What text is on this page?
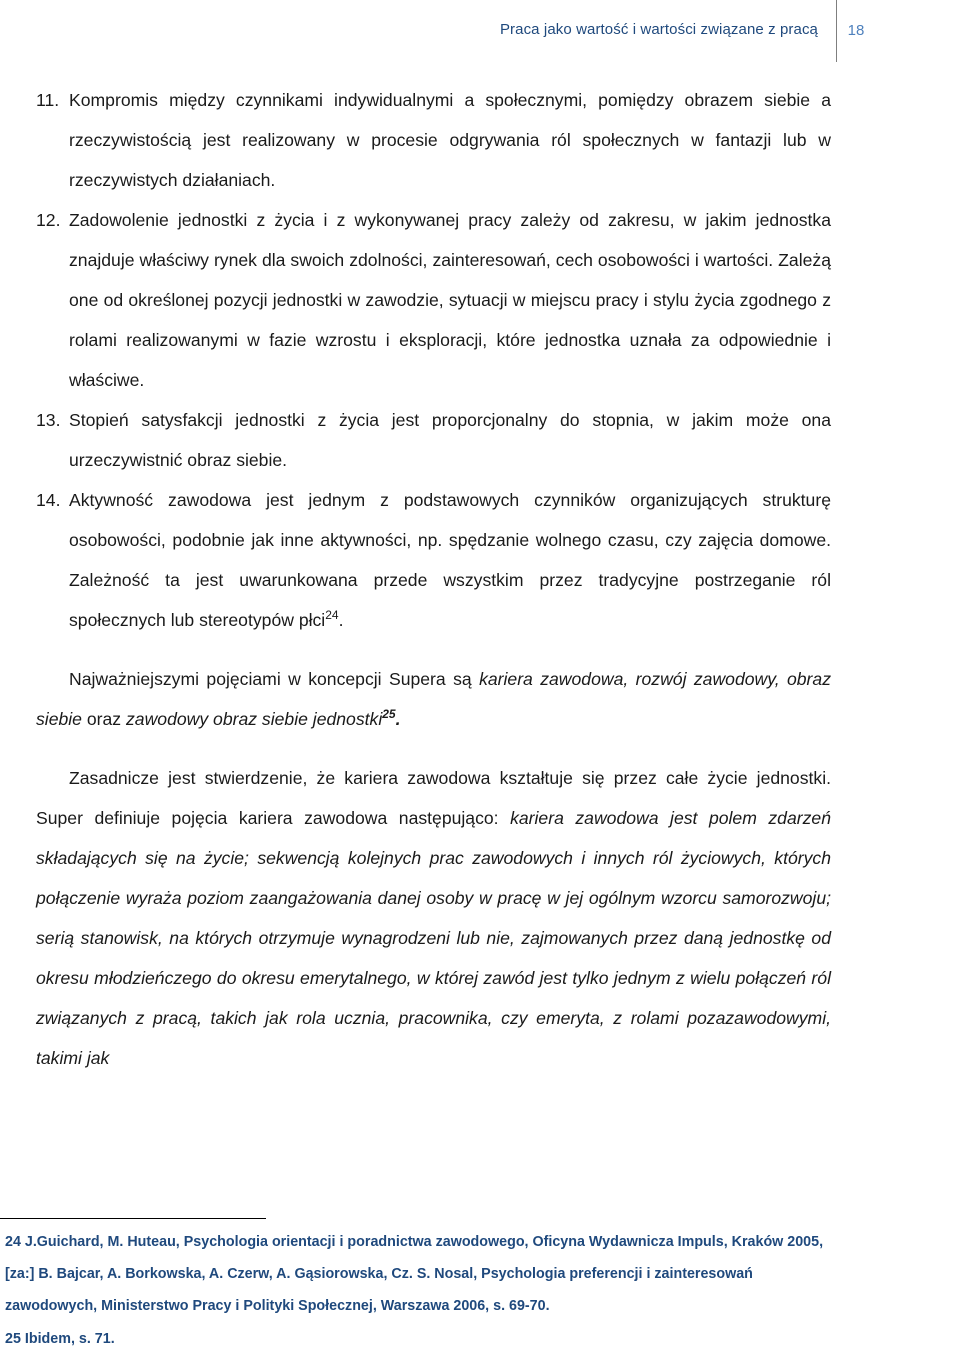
Praca jako wartość i wartości związane z pracą	18
11. Kompromis między czynnikami indywidualnymi a społecznymi, pomiędzy obrazem siebie a rzeczywistością jest realizowany w procesie odgrywania ról społecznych w fantazji lub w rzeczywistych działaniach.
12. Zadowolenie jednostki z życia i z wykonywanej pracy zależy od zakresu, w jakim jednostka znajduje właściwy rynek dla swoich zdolności, zainteresowań, cech osobowości i wartości. Zależą one od określonej pozycji jednostki w zawodzie, sytuacji w miejscu pracy i stylu życia zgodnego z rolami realizowanymi w fazie wzrostu i eksploracji, które jednostka uznała za odpowiednie i właściwe.
13. Stopień satysfakcji jednostki z życia jest proporcjonalny do stopnia, w jakim może ona urzeczywistnić obraz siebie.
14. Aktywność zawodowa jest jednym z podstawowych czynników organizujących strukturę osobowości, podobnie jak inne aktywności, np. spędzanie wolnego czasu, czy zajęcia domowe. Zależność ta jest uwarunkowana przede wszystkim przez tradycyjne postrzeganie ról społecznych lub stereotypów płci$^{24}$.

Najważniejszymi pojęciami w koncepcji Supera są kariera zawodowa, rozwój zawodowy, obraz siebie oraz zawodowy obraz siebie jednostki$^{25}$.

Zasadnicze jest stwierdzenie, że kariera zawodowa kształtuje się przez całe życie jednostki. Super definiuje pojęcia kariera zawodowa następująco: kariera zawodowa jest polem zdarzeń składających się na życie; sekwencją kolejnych prac zawodowych i innych ról życiowych, których połączenie wyraża poziom zaangażowania danej osoby w pracę w jej ogólnym wzorcu samorozwoju; serią stanowisk, na których otrzymuje wynagrodzeni lub nie, zajmowanych przez daną jednostkę od okresu młodzieńczego do okresu emerytalnego, w której zawód jest tylko jednym z wielu połączeń ról związanych z pracą, takich jak rola ucznia, pracownika, czy emeryta, z rolami pozazawodowymi, takimi jak

24 J.Guichard, M. Huteau, Psychologia orientacji i poradnictwa zawodowego, Oficyna Wydawnicza Impuls, Kraków 2005, [za:] B. Bajcar, A. Borkowska, A. Czerw, A. Gąsiorowska, Cz. S. Nosal, Psychologia preferencji i zainteresowań zawodowych, Ministerstwo Pracy i Polityki Społecznej, Warszawa 2006, s. 69-70.

25 Ibidem, s. 71.
